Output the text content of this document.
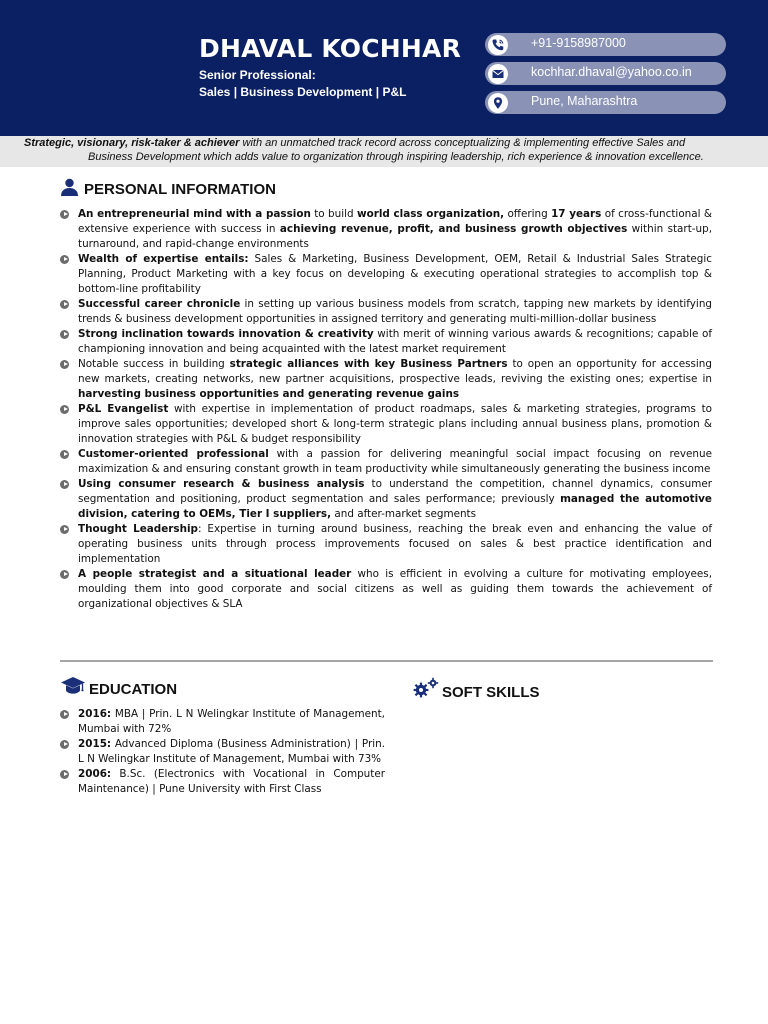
DHAVAL KOCHHAR
Senior Professional:
Sales | Business Development | P&L
+91-9158987000
kochhar.dhaval@yahoo.co.in
Pune, Maharashtra
Strategic, visionary, risk-taker & achiever with an unmatched track record across conceptualizing & implementing effective Sales and
Business Development which adds value to organization through inspiring leadership, rich experience & innovation excellence.
PERSONAL INFORMATION
An entrepreneurial mind with a passion to build world class organization, offering 17 years of cross-functional & extensive experience with success in achieving revenue, profit, and business growth objectives within start-up, turnaround, and rapid-change environments
Wealth of expertise entails: Sales & Marketing, Business Development, OEM, Retail & Industrial Sales Strategic Planning, Product Marketing with a key focus on developing & executing operational strategies to accomplish top & bottom-line profitability
Successful career chronicle in setting up various business models from scratch, tapping new markets by identifying trends & business development opportunities in assigned territory and generating multi-million-dollar business
Strong inclination towards innovation & creativity with merit of winning various awards & recognitions; capable of championing innovation and being acquainted with the latest market requirement
Notable success in building strategic alliances with key Business Partners to open an opportunity for accessing new markets, creating networks, new partner acquisitions, prospective leads, reviving the existing ones; expertise in harvesting business opportunities and generating revenue gains
P&L Evangelist with expertise in implementation of product roadmaps, sales & marketing strategies, programs to improve sales opportunities; developed short & long-term strategic plans including annual business plans, promotion & innovation strategies with P&L & budget responsibility
Customer-oriented professional with a passion for delivering meaningful social impact focusing on revenue maximization & and ensuring constant growth in team productivity while simultaneously generating the business income
Using consumer research & business analysis to understand the competition, channel dynamics, consumer segmentation and positioning, product segmentation and sales performance; previously managed the automotive division, catering to OEMs, Tier I suppliers, and after-market segments
Thought Leadership: Expertise in turning around business, reaching the break even and enhancing the value of operating business units through process improvements focused on sales & best practice identification and implementation
A people strategist and a situational leader who is efficient in evolving a culture for motivating employees, moulding them into good corporate and social citizens as well as guiding them towards the achievement of organizational objectives & SLA
EDUCATION
2016: MBA | Prin. L N Welingkar Institute of Management, Mumbai with 72%
2015: Advanced Diploma (Business Administration) | Prin. L N Welingkar Institute of Management, Mumbai with 73%
2006: B.Sc. (Electronics with Vocational in Computer Maintenance) | Pune University with First Class
SOFT SKILLS
